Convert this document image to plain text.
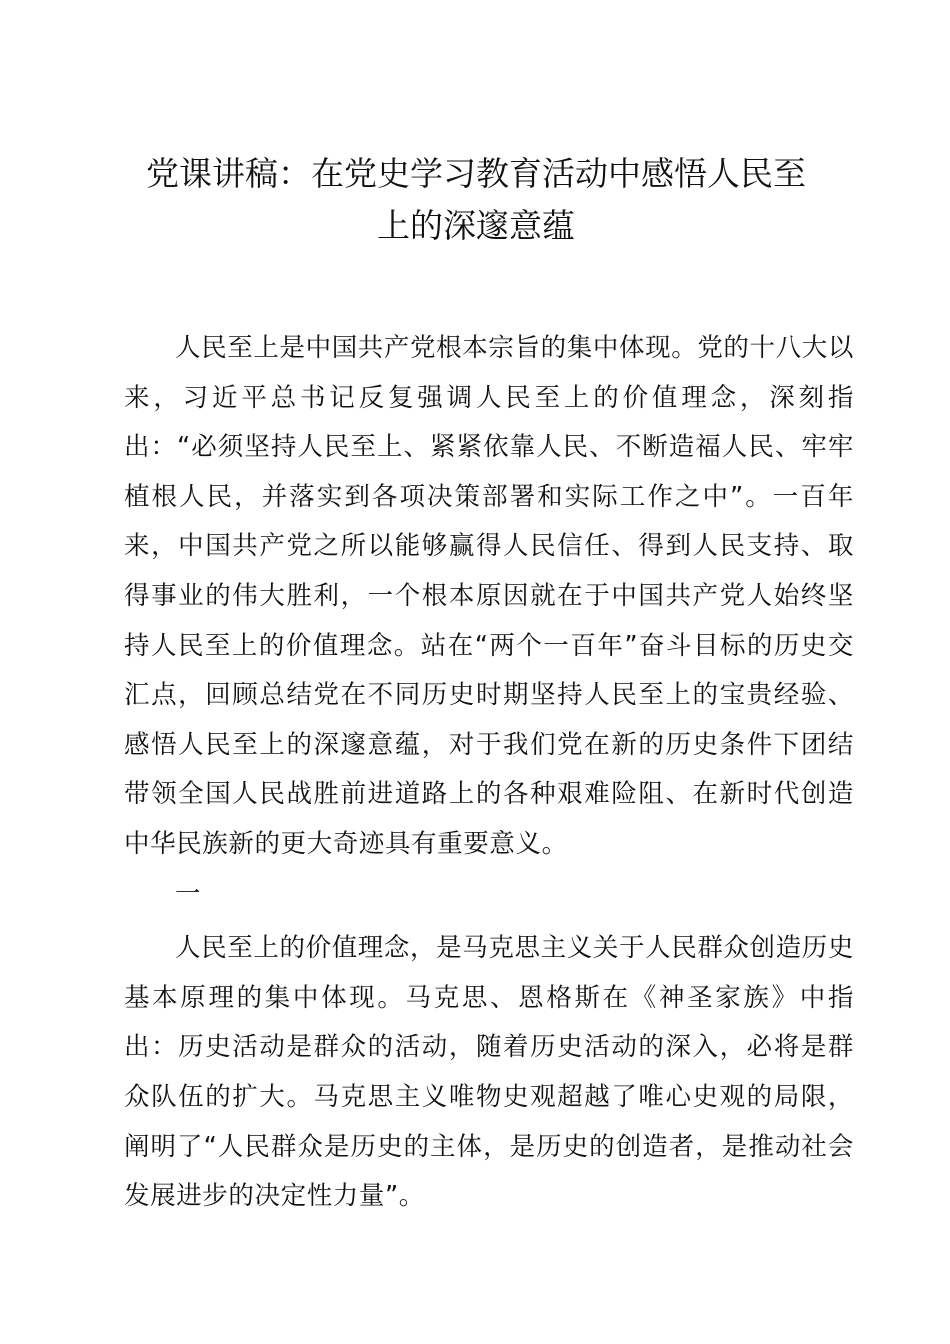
党课讲稿：在党史学习教育活动中感悟人民至
上的深邃意蕴

人民至上是中国共产党根本宗旨的集中体现。党的十八大以来，习近平总书记反复强调人民至上的价值理念，深刻指出：“必须坚持人民至上、紧紧依靠人民、不断造福人民、牢牢植根人民，并落实到各项决策部署和实际工作之中”。一百年来，中国共产党之所以能够赢得人民信任、得到人民支持、取得事业的伟大胜利，一个根本原因就在于中国共产党人始终坚持人民至上的价值理念。站在“两个一百年”奋斗目标的历史交汇点，回顾总结党在不同历史时期坚持人民至上的宝贵经验、感悟人民至上的深邃意蕴，对于我们党在新的历史条件下团结带领全国人民战胜前进道路上的各种艰难险阻、在新时代创造中华民族新的更大奇迹具有重要意义。

一

人民至上的价值理念，是马克思主义关于人民群众创造历史基本原理的集中体现。马克思、恩格斯在《神圣家族》中指出：历史活动是群众的活动，随着历史活动的深入，必将是群众队伍的扩大。马克思主义唯物史观超越了唯心史观的局限，阐明了“人民群众是历史的主体，是历史的创造者，是推动社会发展进步的决定性力量”。
